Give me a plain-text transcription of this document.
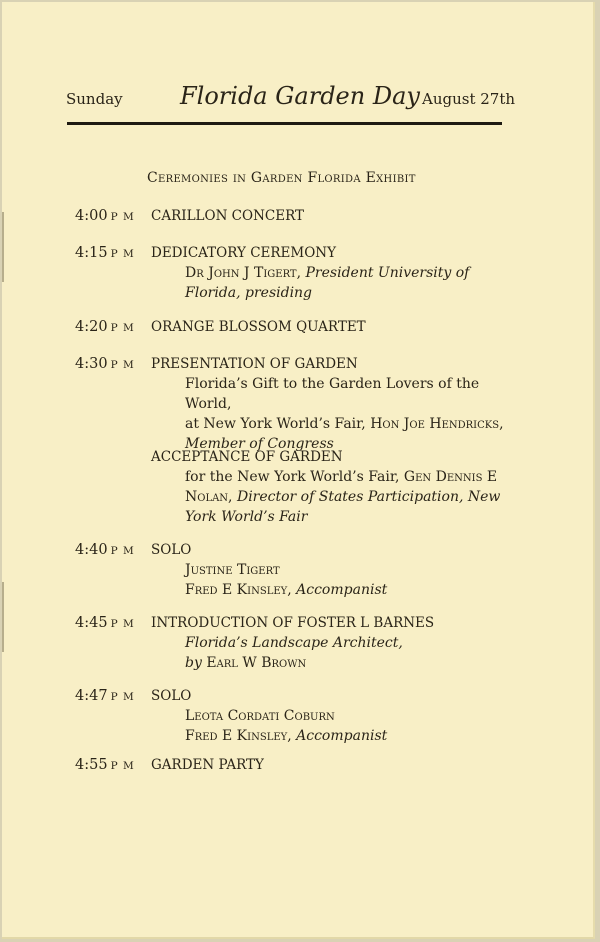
Sunday	Florida Garden Day August 27th
Ceremonies in Garden Florida Exhibit
4:00 P M CARILLON CONCERT
4:15 P M DEDICATORY CEREMONY
Dr John J Tigert, President University of Florida, presiding
4:20 P M ORANGE BLOSSOM QUARTET
4:30 P M PRESENTATION OF GARDEN
Florida’s Gift to the Garden Lovers of the World,
at New York World’s Fair, Hon Joe Hendricks,
Member of Congress
ACCEPTANCE OF GARDEN
for the New York World’s Fair, Gen Dennis E Nolan, Director of States Participation, New York World’s Fair
4:40 P M SOLO
Justine Tigert
Fred E Kinsley, Accompanist
4:45 P M INTRODUCTION OF FOSTER L BARNES
Florida’s Landscape Architect,
by Earl W Brown
4:47 P M SOLO
Leota Cordati Coburn
Fred E Kinsley, Accompanist
4:55 P M GARDEN PARTY
